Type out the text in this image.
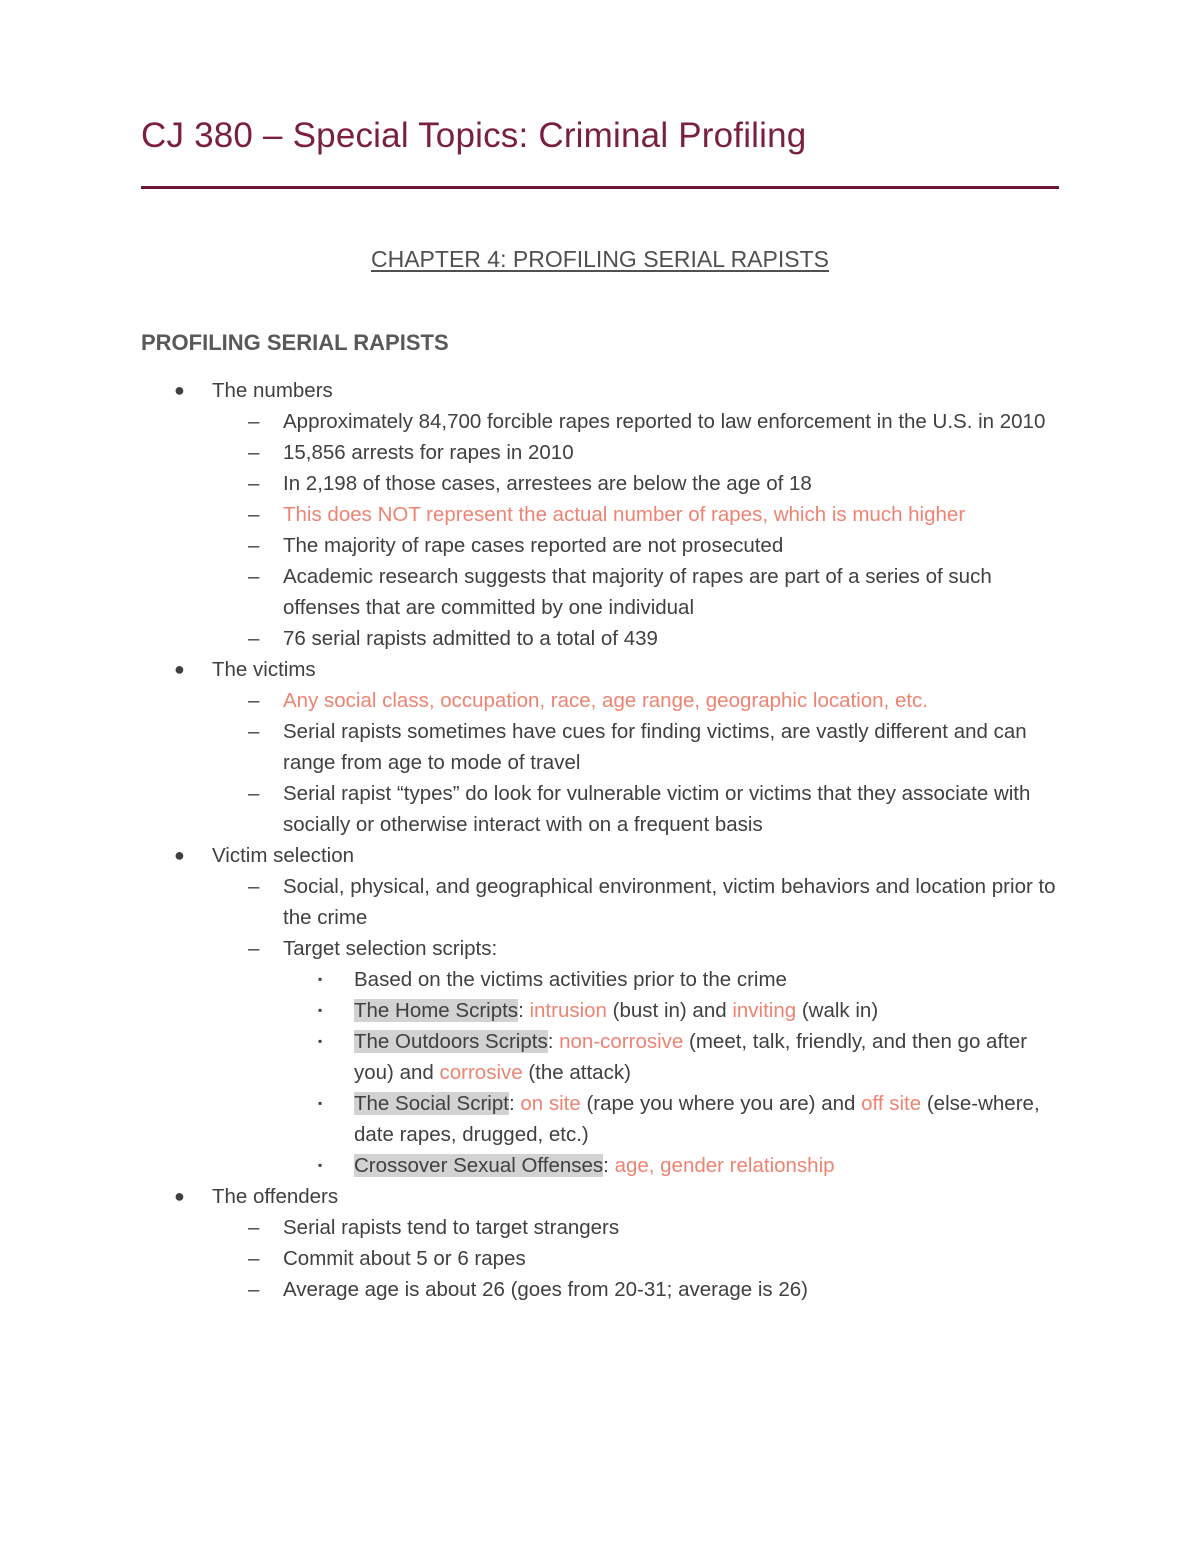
CJ 380 – Special Topics: Criminal Profiling
CHAPTER 4: PROFILING SERIAL RAPISTS
PROFILING SERIAL RAPISTS
● The numbers
– Approximately 84,700 forcible rapes reported to law enforcement in the U.S. in 2010
– 15,856 arrests for rapes in 2010
– In 2,198 of those cases, arrestees are below the age of 18
– This does NOT represent the actual number of rapes, which is much higher
– The majority of rape cases reported are not prosecuted
– Academic research suggests that majority of rapes are part of a series of such offenses that are committed by one individual
– 76 serial rapists admitted to a total of 439
● The victims
– Any social class, occupation, race, age range, geographic location, etc.
– Serial rapists sometimes have cues for finding victims, are vastly different and can range from age to mode of travel
– Serial rapist “types” do look for vulnerable victim or victims that they associate with socially or otherwise interact with on a frequent basis
● Victim selection
– Social, physical, and geographical environment, victim behaviors and location prior to the crime
– Target selection scripts:
▪ Based on the victims activities prior to the crime
▪ The Home Scripts: intrusion (bust in) and inviting (walk in)
▪ The Outdoors Scripts: non-corrosive (meet, talk, friendly, and then go after you) and corrosive (the attack)
▪ The Social Script: on site (rape you where you are) and off site (else-where, date rapes, drugged, etc.)
▪ Crossover Sexual Offenses: age, gender relationship
● The offenders
– Serial rapists tend to target strangers
– Commit about 5 or 6 rapes
– Average age is about 26 (goes from 20-31; average is 26)
